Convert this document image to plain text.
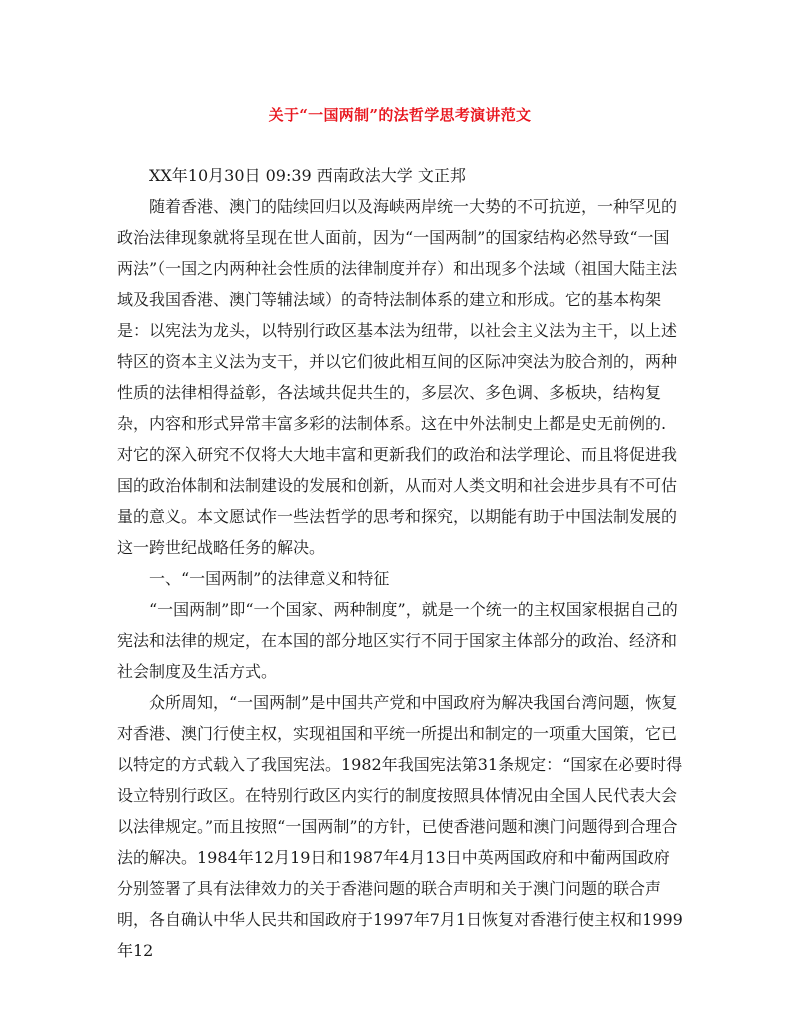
关于“一国两制”的法哲学思考演讲范文

XX年10月30日 09:39 西南政法大学 文正邦

随着香港、澳门的陆续回归以及海峡两岸统一大势的不可抗逆，一种罕见的政治法律现象就将呈现在世人面前，因为“一国两制”的国家结构必然导致“一国两法”（一国之内两种社会性质的法律制度并存）和出现多个法域（祖国大陆主法域及我国香港、澳门等辅法域）的奇特法制体系的建立和形成。它的基本构架是：以宪法为龙头，以特别行政区基本法为纽带，以社会主义法为主干，以上述特区的资本主义法为支干，并以它们彼此相互间的区际冲突法为胶合剂的，两种性质的法律相得益彰，各法域共促共生的，多层次、多色调、多板块，结构复杂，内容和形式异常丰富多彩的法制体系。这在中外法制史上都是史无前例的. 对它的深入研究不仅将大大地丰富和更新我们的政治和法学理论、而且将促进我国的政治体制和法制建设的发展和创新，从而对人类文明和社会进步具有不可估量的意义。本文愿试作一些法哲学的思考和探究，以期能有助于中国法制发展的这一跨世纪战略任务的解决。

一、“一国两制”的法律意义和特征

“一国两制”即“一个国家、两种制度”，就是一个统一的主权国家根据自己的宪法和法律的规定，在本国的部分地区实行不同于国家主体部分的政治、经济和社会制度及生活方式。

众所周知，“一国两制”是中国共产党和中国政府为解决我国台湾问题，恢复对香港、澳门行使主权，实现祖国和平统一所提出和制定的一项重大国策，它已以特定的方式载入了我国宪法。1982年我国宪法第31条规定：“国家在必要时得设立特别行政区。在特别行政区内实行的制度按照具体情况由全国人民代表大会以法律规定。”而且按照“一国两制”的方针，已使香港问题和澳门问题得到合理合法的解决。1984年12月19日和1987年4月13日中英两国政府和中葡两国政府分别签署了具有法律效力的关于香港问题的联合声明和关于澳门问题的联合声明，各自确认中华人民共和国政府于1997年7月1日恢复对香港行使主权和1999年12
